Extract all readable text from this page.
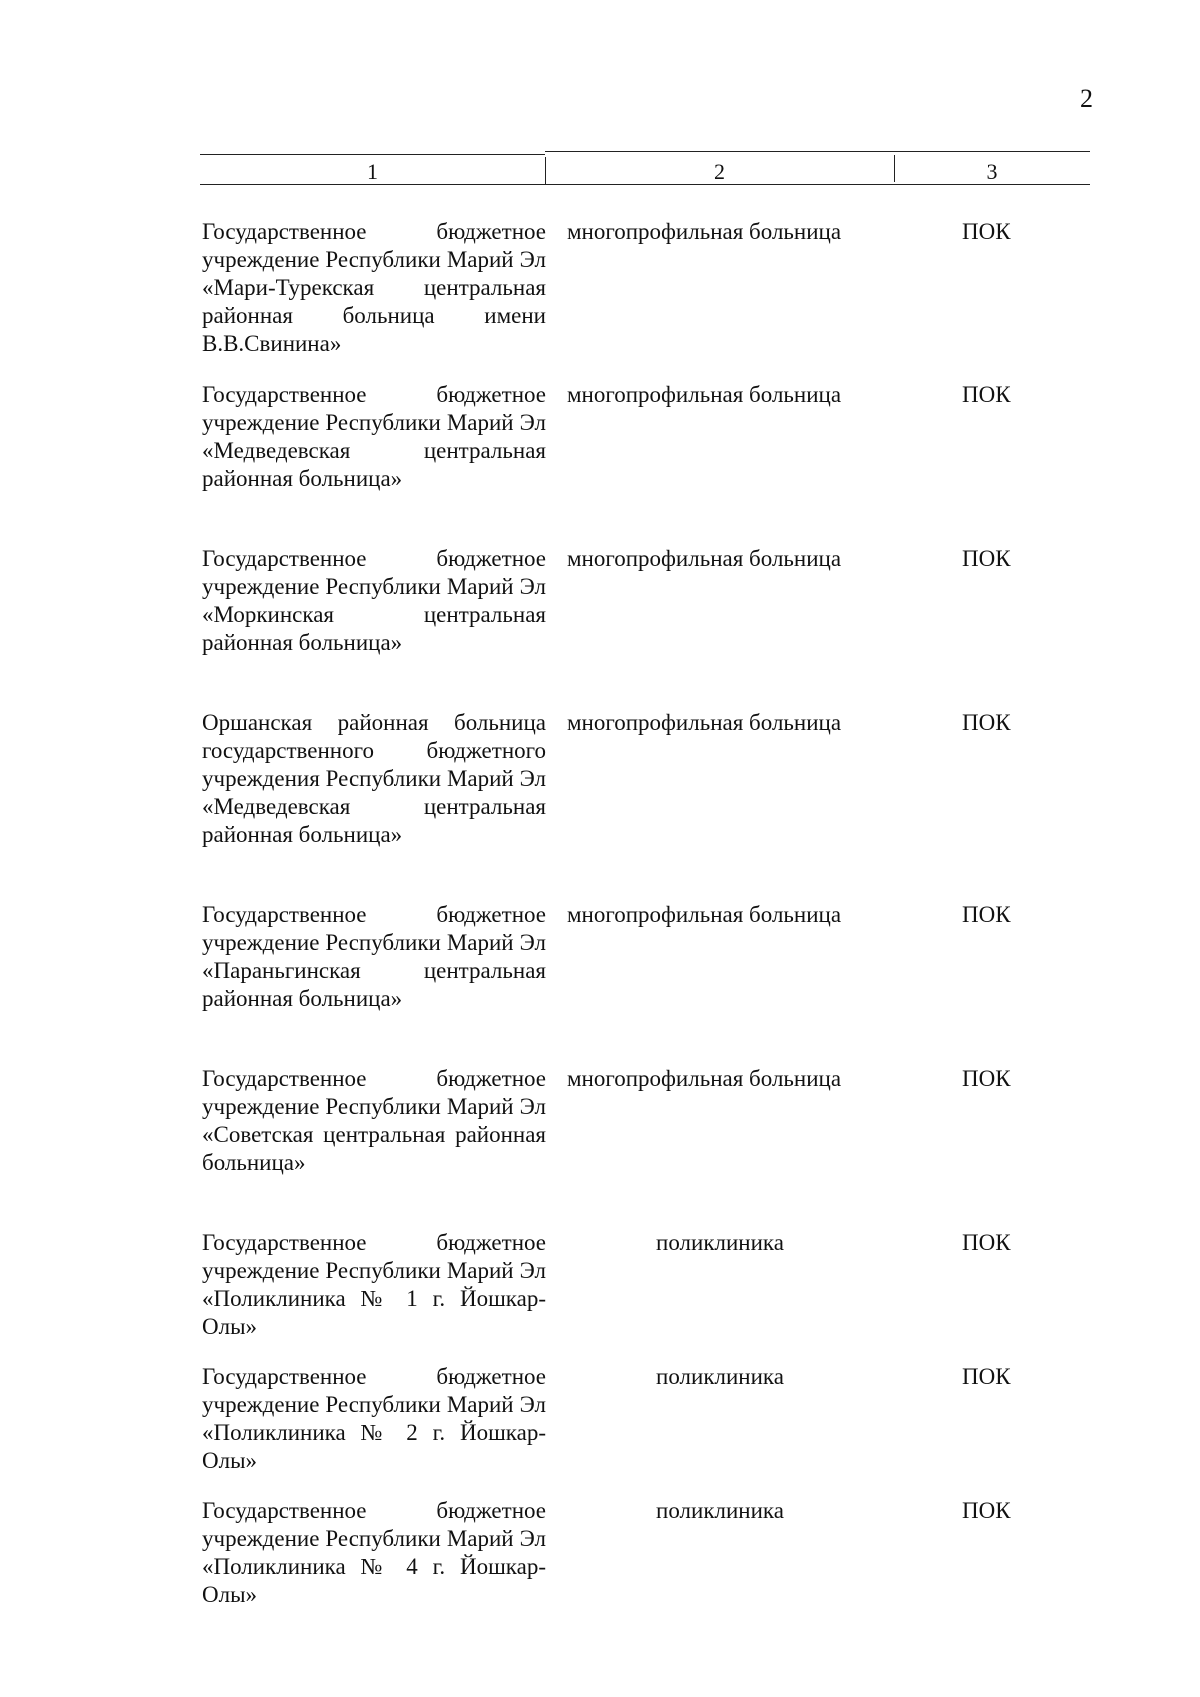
2
1	2	3
Государственное бюджетное учреждение Республики Марий Эл «Мари-Турекская центральная районная больница имени В.В.Свинина»
многопрофильная больница	ПОК
Государственное бюджетное учреждение Республики Марий Эл «Медведевская центральная районная больница»
многопрофильная больница	ПОК
Государственное бюджетное учреждение Республики Марий Эл «Моркинская центральная районная больница»
многопрофильная больница	ПОК
Оршанская районная больница государственного бюджетного учреждения Республики Марий Эл «Медведевская центральная районная больница»
многопрофильная больница	ПОК
Государственное бюджетное учреждение Республики Марий Эл «Параньгинская центральная районная больница»
многопрофильная больница	ПОК
Государственное бюджетное учреждение Республики Марий Эл «Советская центральная районная больница»
многопрофильная больница	ПОК
Государственное бюджетное учреждение Республики Марий Эл «Поликлиника № 1 г. Йошкар-Олы»
поликлиника	ПОК
Государственное бюджетное учреждение Республики Марий Эл «Поликлиника № 2 г. Йошкар-Олы»
поликлиника	ПОК
Государственное бюджетное учреждение Республики Марий Эл «Поликлиника № 4 г. Йошкар-Олы»
поликлиника	ПОК
